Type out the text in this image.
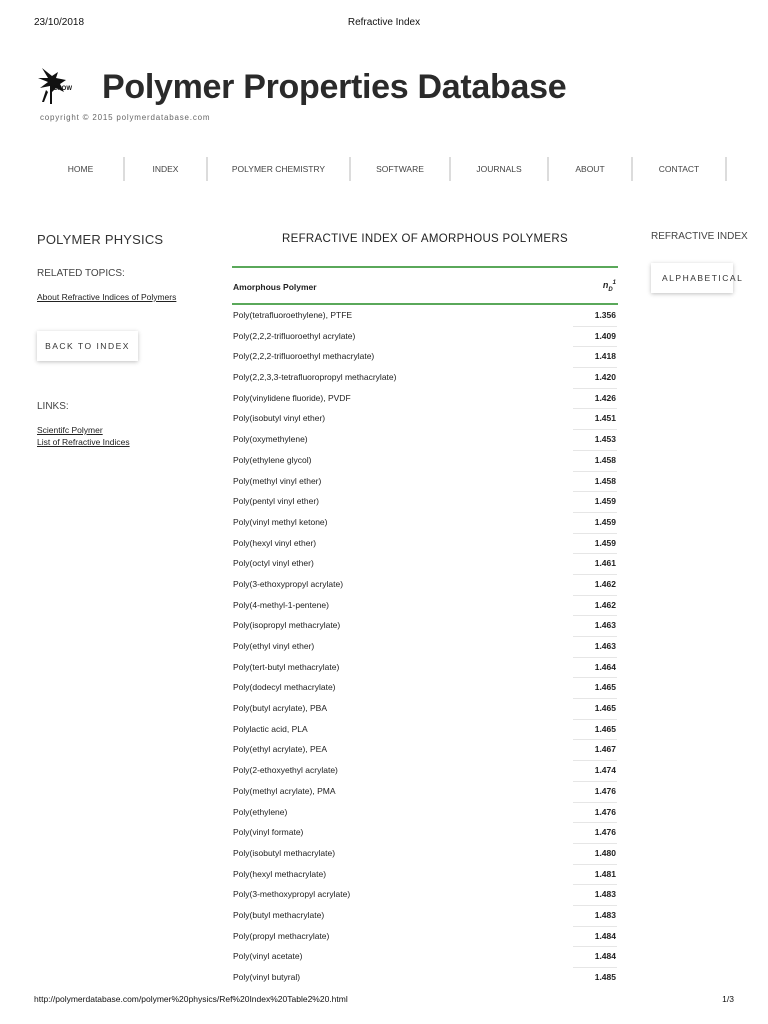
23/10/2018	Refractive Index
CROW Polymer Properties Database
copyright © 2015 polymerdatabase.com
HOME	INDEX	POLYMER CHEMISTRY	SOFTWARE	JOURNALS	ABOUT	CONTACT
POLYMER PHYSICS
RELATED TOPICS:
About Refractive Indices of Polymers
BACK TO INDEX
LINKS:
Scientifc Polymer
List of Refractive Indices
REFRACTIVE INDEX OF AMORPHOUS POLYMERS
Amorphous Polymer	$n_D^1$
Poly(tetrafluoroethylene), PTFE	1.356
Poly(2,2,2-trifluoroethyl acrylate)	1.409
Poly(2,2,2-trifluoroethyl methacrylate)	1.418
Poly(2,2,3,3-tetrafluoropropyl methacrylate)	1.420
Poly(vinylidene fluoride), PVDF	1.426
Poly(isobutyl vinyl ether)	1.451
Poly(oxymethylene)	1.453
Poly(ethylene glycol)	1.458
Poly(methyl vinyl ether)	1.458
Poly(pentyl vinyl ether)	1.459
Poly(vinyl methyl ketone)	1.459
Poly(hexyl vinyl ether)	1.459
Poly(octyl vinyl ether)	1.461
Poly(3-ethoxypropyl acrylate)	1.462
Poly(4-methyl-1-pentene)	1.462
Poly(isopropyl methacrylate)	1.463
Poly(ethyl vinyl ether)	1.463
Poly(tert-butyl methacrylate)	1.464
Poly(dodecyl methacrylate)	1.465
Poly(butyl acrylate), PBA	1.465
Polylactic acid, PLA	1.465
Poly(ethyl acrylate), PEA	1.467
Poly(2-ethoxyethyl acrylate)	1.474
Poly(methyl acrylate), PMA	1.476
Poly(ethylene)	1.476
Poly(vinyl formate)	1.476
Poly(isobutyl methacrylate)	1.480
Poly(hexyl methacrylate)	1.481
Poly(3-methoxypropyl acrylate)	1.483
Poly(butyl methacrylate)	1.483
Poly(propyl methacrylate)	1.484
Poly(vinyl acetate)	1.484
Poly(vinyl butyral)	1.485
REFRACTIVE INDEX
ALPHABETICAL
http://polymerdatabase.com/polymer%20physics/Ref%20Index%20Table2%20.html	1/3
